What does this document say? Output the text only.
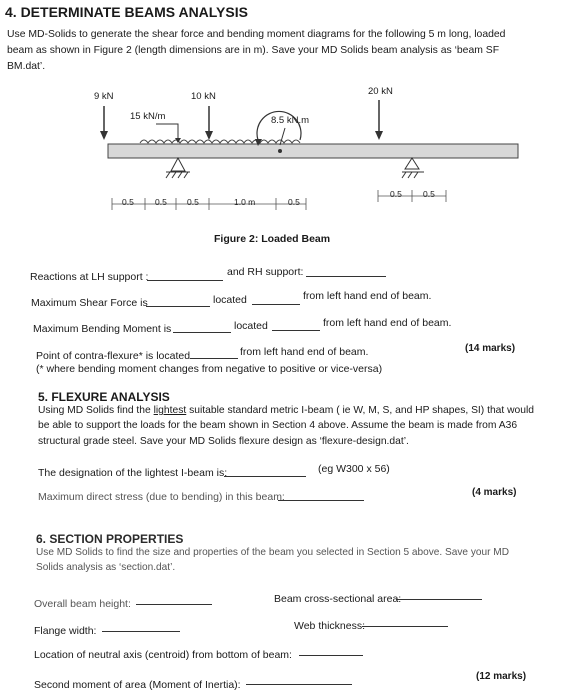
4. DETERMINATE BEAMS ANALYSIS
Use MD-Solids to generate the shear force and bending moment diagrams for the following 5 m long, loaded
beam as shown in Figure 2 (length dimensions are in m). Save your MD Solids beam analysis as ‘beam SF
BM.dat’.
9 kN	10 kN	20 kN
15 kN/m	8.5 kN.m
0.5 0.5 0.5	1.0 m	0.5
0.5 0.5
Figure 2: Loaded Beam
Reactions at LH support :	and RH support:
Maximum Shear Force is	located	from left hand end of beam.
Maximum Bending Moment is	located	from left hand end of beam.
Point of contra-flexure* is located	from left hand end of beam.	(14 marks)
(* where bending moment changes from negative to positive or vice-versa)
5. FLEXURE ANALYSIS
Using MD Solids find the lightest suitable standard metric I-beam ( ie W, M, S, and HP shapes, SI) that would
be able to support the loads for the beam shown in Section 4 above. Assume the beam is made from A36
structural grade steel. Save your MD Solids flexure design as ‘flexure-design.dat’.
The designation of the lightest I-beam is:	(eg W300 x 56)
Maximum direct stress (due to bending) in this beam:	(4 marks)
6. SECTION PROPERTIES
Use MD Solids to find the size and properties of the beam you selected in Section 5 above. Save your MD
Solids analysis as ‘section.dat’.
Overall beam height:	Beam cross-sectional area:
Flange width:	Web thickness:
Location of neutral axis (centroid) from bottom of beam:
Second moment of area (Moment of Inertia):
(12 marks)
